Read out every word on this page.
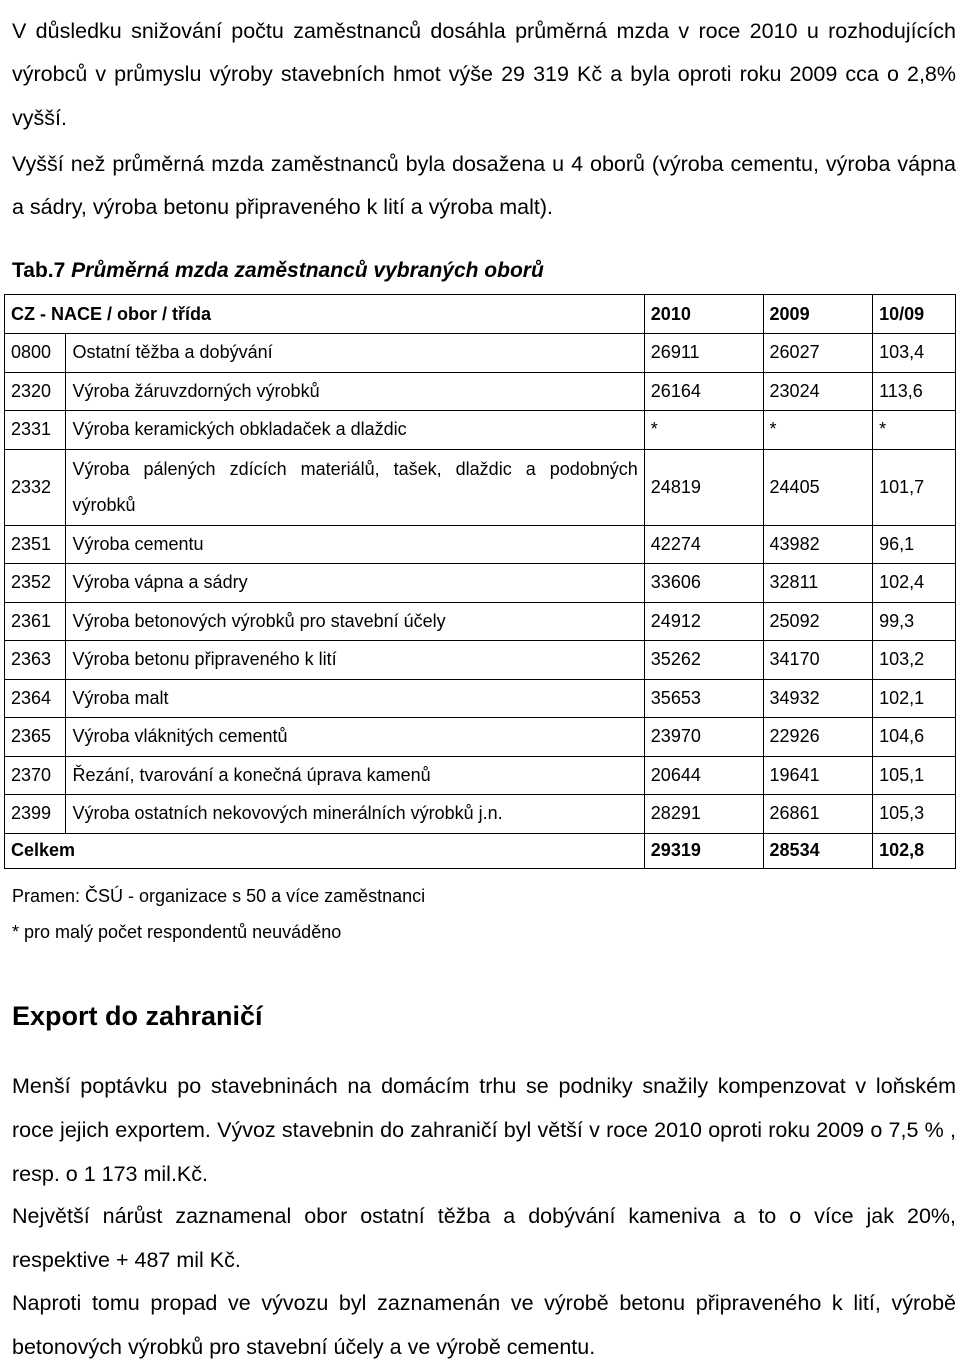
V důsledku snižování počtu zaměstnanců dosáhla průměrná mzda v roce 2010 u rozhodujících výrobců v průmyslu výroby stavebních hmot výše 29 319 Kč a byla oproti roku 2009 cca o 2,8% vyšší.

Vyšší než průměrná mzda zaměstnanců byla dosažena u 4 oborů (výroba cementu, výroba vápna a sádry, výroba betonu připraveného k lití a výroba malt).

Tab.7 Průměrná mzda zaměstnanců vybraných oborů
CZ - NACE / obor / třída		2010	2009	10/09
0800	Ostatní těžba a dobývání	26911	26027	103,4
2320	Výroba žáruvzdorných výrobků	26164	23024	113,6
2331	Výroba keramických obkladaček a dlaždic	*	*	*
2332	Výroba pálených zdících materiálů, tašek, dlaždic a podobných výrobků	24819	24405	101,7
2351	Výroba cementu	42274	43982	96,1
2352	Výroba vápna a sádry	33606	32811	102,4
2361	Výroba betonových výrobků pro stavební účely	24912	25092	99,3
2363	Výroba betonu připraveného k lití	35262	34170	103,2
2364	Výroba malt	35653	34932	102,1
2365	Výroba vláknitých cementů	23970	22926	104,6
2370	Řezání, tvarování a konečná úprava kamenů	20644	19641	105,1
2399	Výroba ostatních nekovových minerálních výrobků j.n.	28291	26861	105,3
Celkem		29319	28534	102,8
Pramen: ČSÚ - organizace s 50 a více zaměstnanci
* pro malý počet respondentů neuváděno
Export do zahraničí

Menší poptávku po stavebninách na domácím trhu se podniky snažily kompenzovat v loňském roce jejich exportem. Vývoz stavebnin do zahraničí byl větší v roce 2010 oproti roku 2009 o 7,5 % , resp. o 1 173 mil.Kč.

Největší nárůst zaznamenal obor ostatní těžba a dobývání kameniva a to o více jak 20%, respektive + 487 mil Kč.

Naproti tomu propad ve vývozu byl zaznamenán ve výrobě betonu připraveného k lití, výrobě betonových výrobků pro stavební účely a ve výrobě cementu.
